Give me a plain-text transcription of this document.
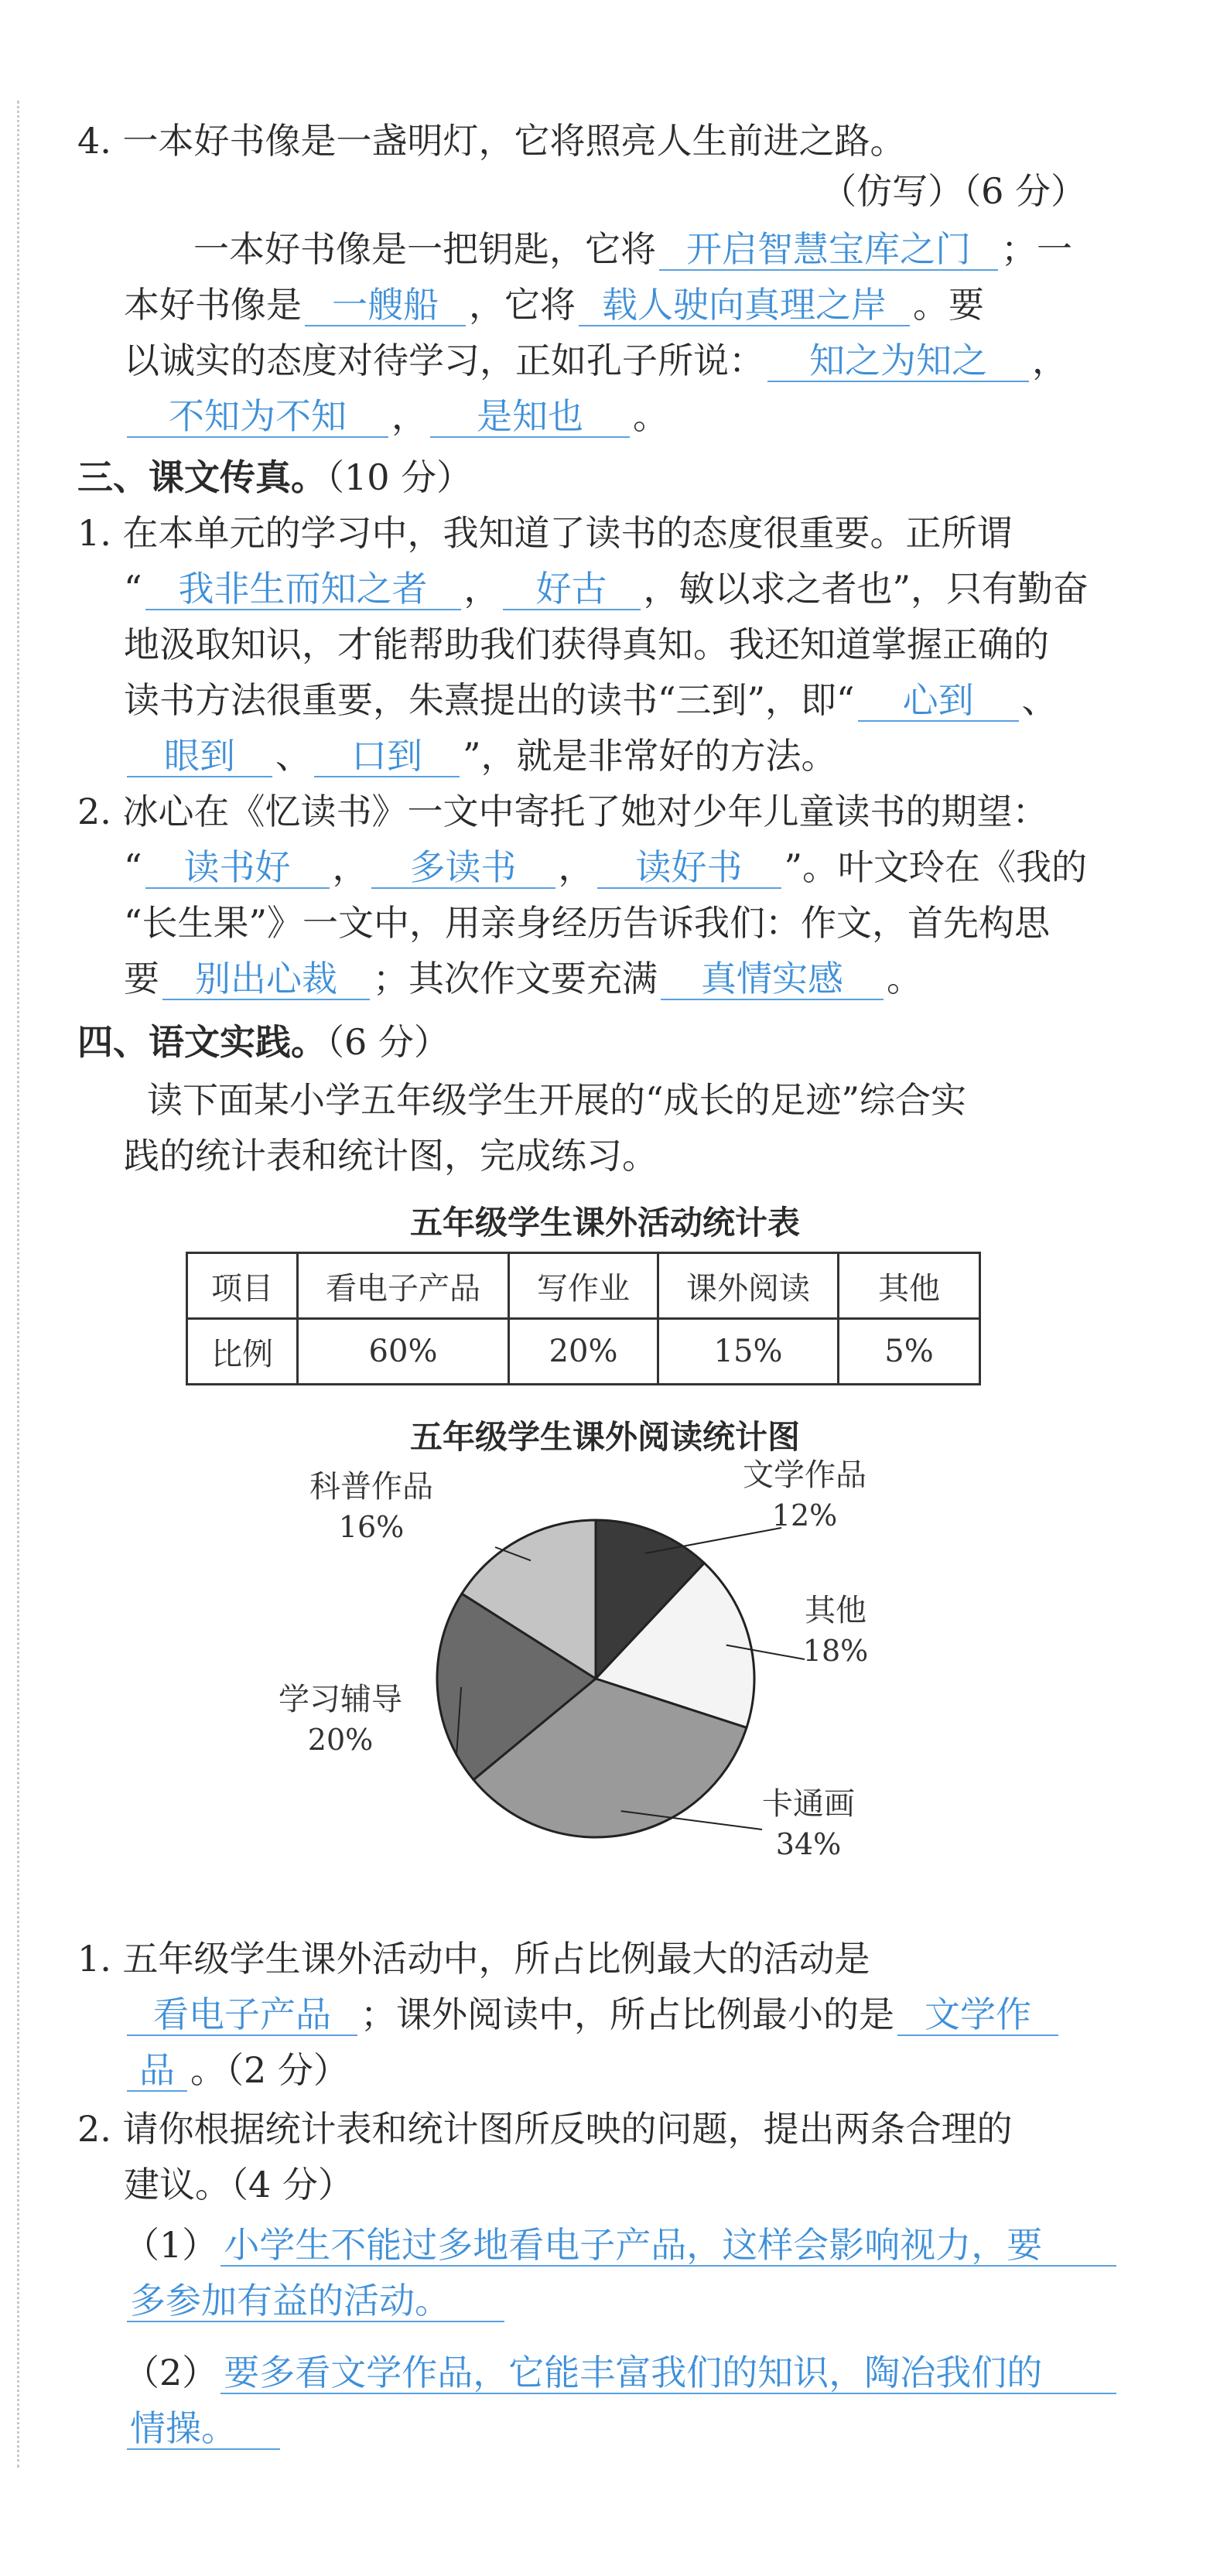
4. 一本好书像是一盏明灯，它将照亮人生前进之路。
（仿写）（6 分）
一本好书像是一把钥匙，它将 开启智慧宝库之门 ；一
本好书像是 一艘船 ，它将 载人驶向真理之岸 。要
以诚实的态度对待学习，正如孔子所说： 知之为知之 ，
不知为不知 ， 是知也 。
三、课文传真。（10 分）
1. 在本单元的学习中，我知道了读书的态度很重要。正所谓
“ 我非生而知之者 ， 好古 ，敏以求之者也”，只有勤奋
地汲取知识，才能帮助我们获得真知。我还知道掌握正确的
读书方法很重要，朱熹提出的读书“三到”，即“ 心到 、
眼到 、 口到 ”，就是非常好的方法。
2. 冰心在《忆读书》一文中寄托了她对少年儿童读书的期望：
“ 读书好 ， 多读书 ， 读好书 ”。叶文玲在《我的
“长生果”》一文中，用亲身经历告诉我们：作文，首先构思
要 别出心裁 ；其次作文要充满 真情实感 。
四、语文实践。（6 分）
读下面某小学五年级学生开展的“成长的足迹”综合实
践的统计表和统计图，完成练习。
五年级学生课外活动统计表
项目	看电子产品	写作业	课外阅读	其他
比例	60%	20%	15%	5%
五年级学生课外阅读统计图
文学作品
12%
其他
18%
卡通画
34%
学习辅导
20%
科普作品
16%
1. 五年级学生课外活动中，所占比例最大的活动是
看电子产品 ；课外阅读中，所占比例最小的是 文学作
品 。（2 分）
2. 请你根据统计表和统计图所反映的问题，提出两条合理的
建议。（4 分）
（1） 小学生不能过多地看电子产品，这样会影响视力，要
多参加有益的活动。
（2） 要多看文学作品，它能丰富我们的知识，陶冶我们的
情操。
